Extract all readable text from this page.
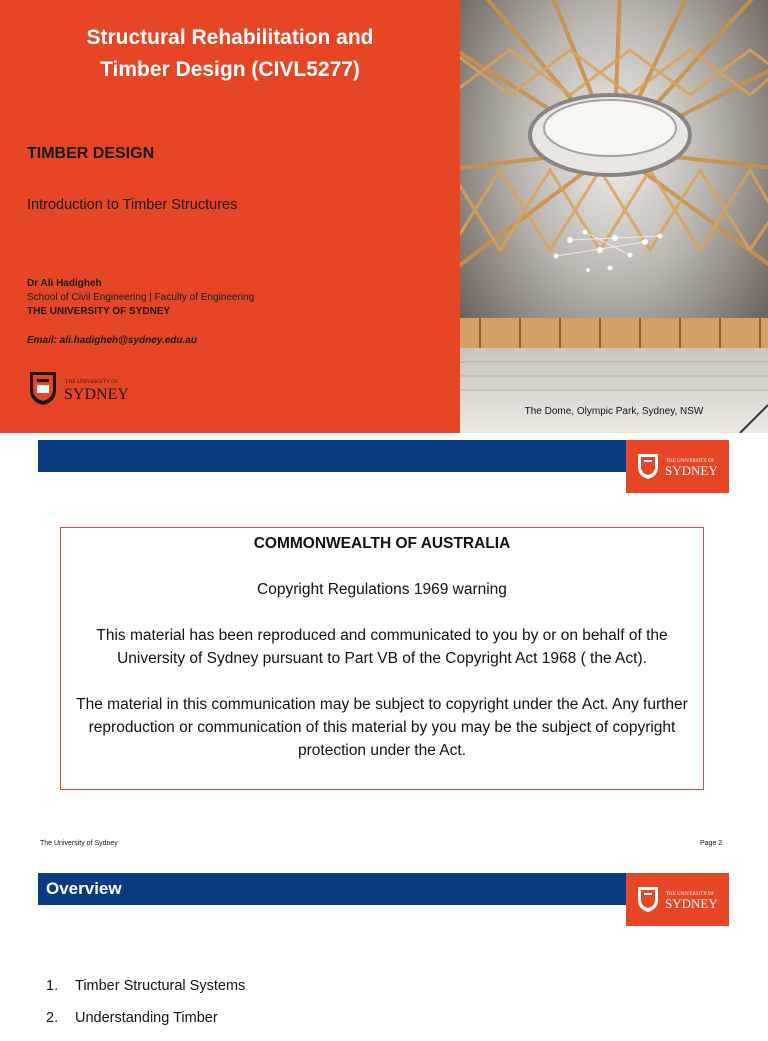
Structural Rehabilitation and
Timber Design (CIVL5277)
TIMBER DESIGN
Introduction to Timber Structures
Dr Ali Hadigheh
School of Civil Engineering | Faculty of Engineering
THE UNIVERSITY OF SYDNEY
Email: ali.hadigheh@sydney.edu.au
THE UNIVERSITY OF
SYDNEY
The Dome, Olympic Park, Sydney, NSW
THE UNIVERSITY OF
SYDNEY
COMMONWEALTH OF AUSTRALIA

Copyright Regulations 1969 warning

This material has been reproduced and communicated to you by or on behalf of the University of Sydney pursuant to Part VB of the Copyright Act 1968 ( the Act).

The material in this communication may be subject to copyright under the Act. Any further reproduction or communication of this material by you may be the subject of copyright protection under the Act.

The University of Sydney	Page 2
Overview	THE UNIVERSITY OF
SYDNEY
1. Timber Structural Systems
2. Understanding Timber
